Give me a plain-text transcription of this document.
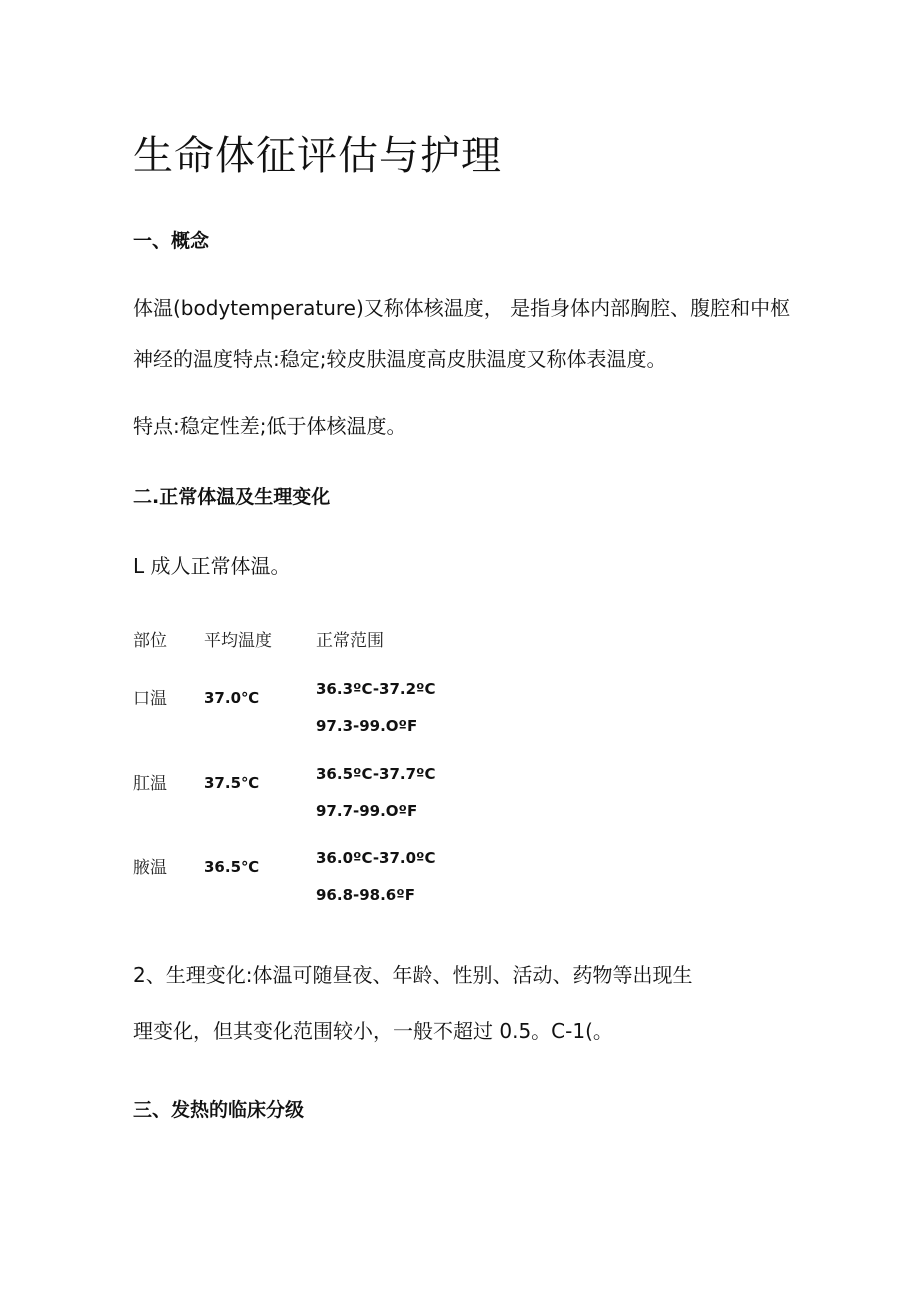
生命体征评估与护理
一、概念
体温(bodytemperature)又称体核温度， 是指身体内部胸腔、腹腔和中枢
神经的温度特点:稳定;较皮肤温度高皮肤温度又称体表温度。
特点:稳定性差;低于体核温度。
二.正常体温及生理变化
L 成人正常体温。
部位 平均温度	正常范围
口温 37.0℃	36.3ºC-37.2ºC
97.3-99.OºF
肛温 37.5℃	36.5ºC-37.7ºC
97.7-99.OºF
腋温 36.5℃	36.0ºC-37.0ºC
96.8-98.6ºF
2、生理变化:体温可随昼夜、年龄、性别、活动、药物等出现生
理变化，但其变化范围较小，一般不超过 0.5。C-1(。
三、发热的临床分级
